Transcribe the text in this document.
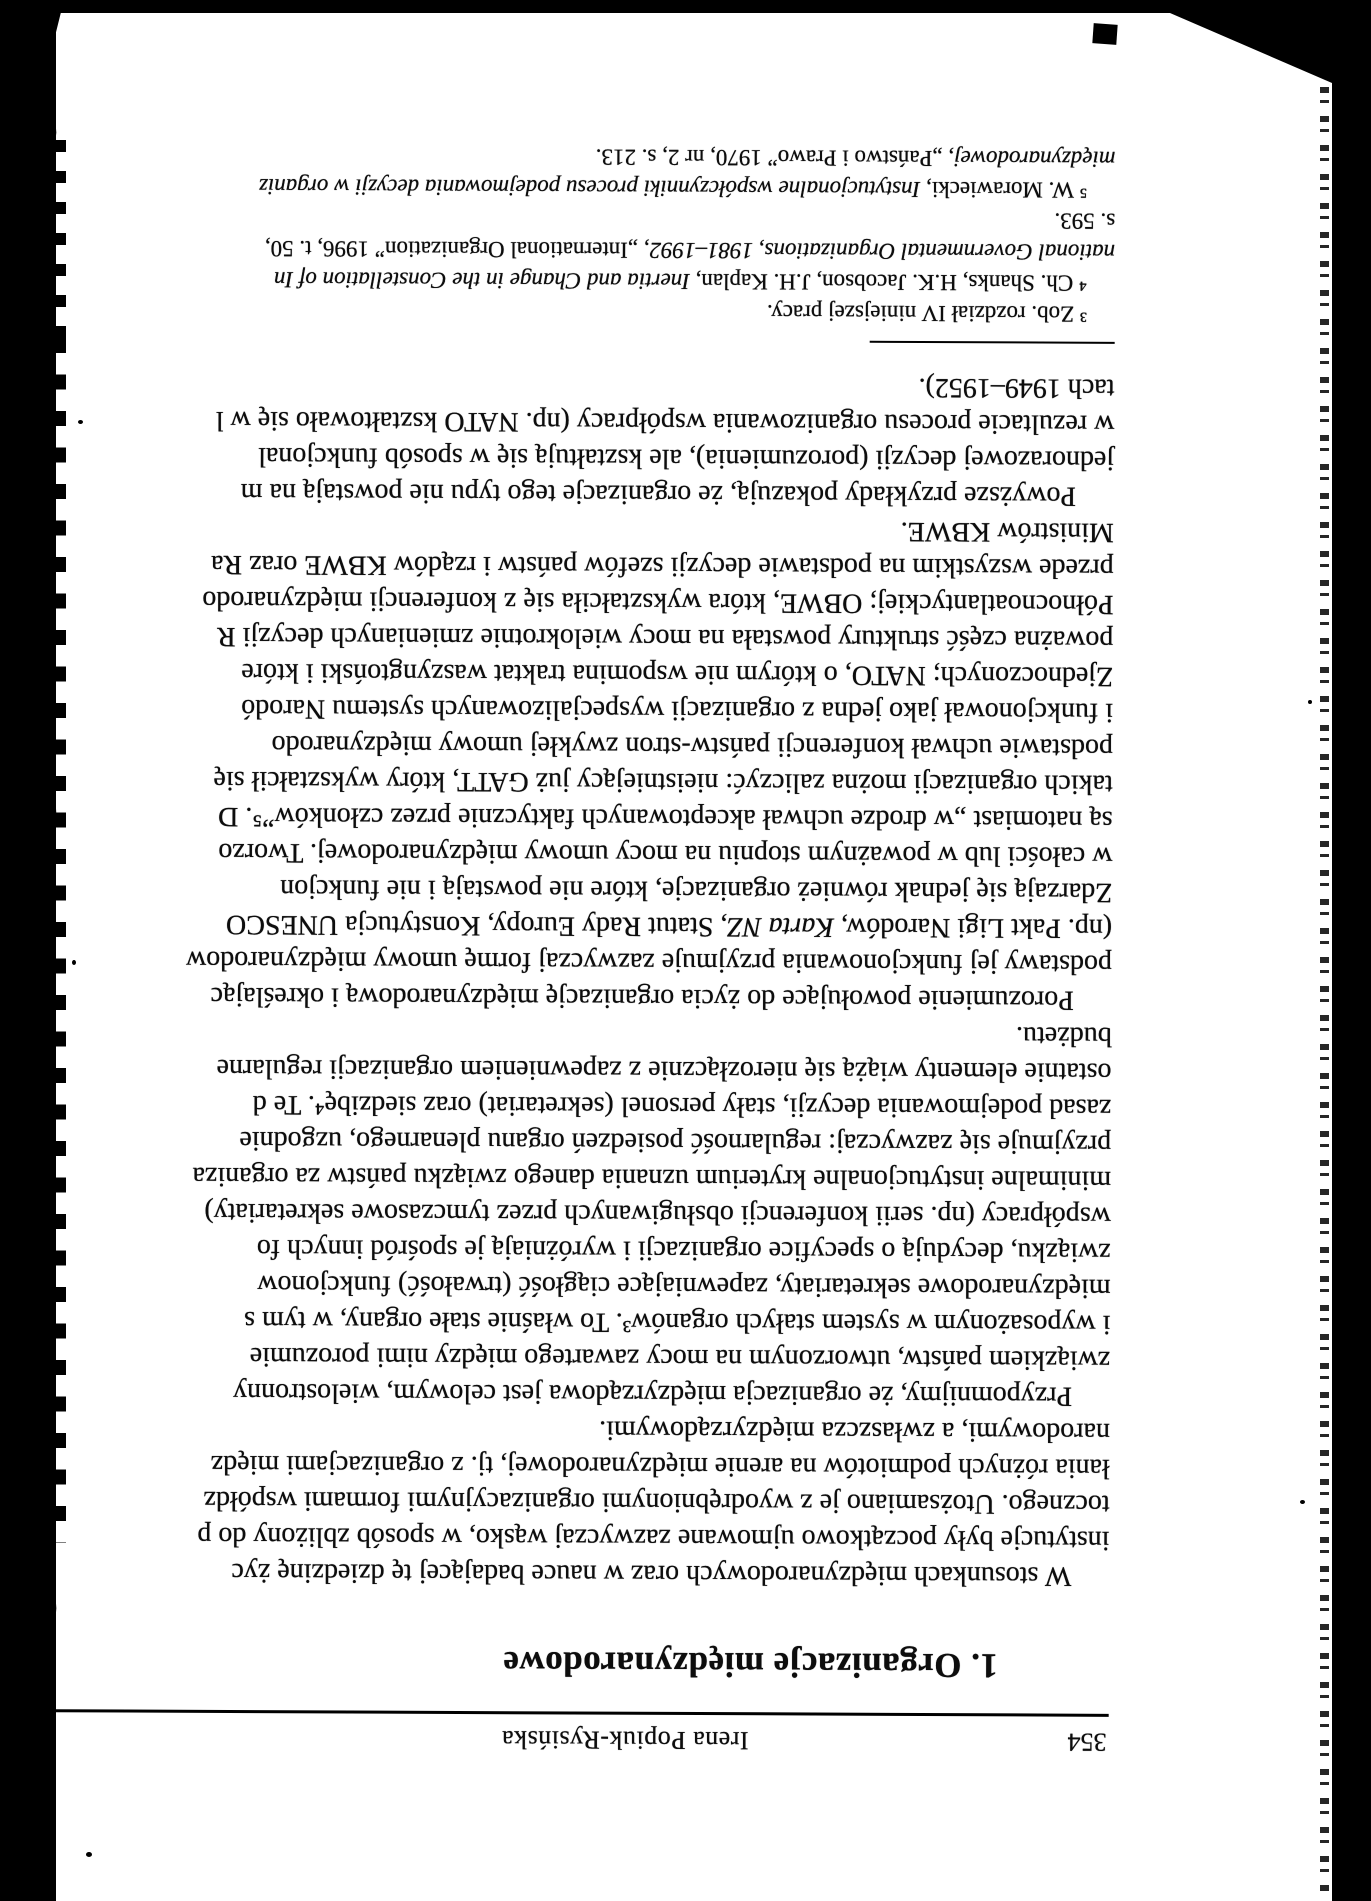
354
Irena Popiuk-Rysińska
1. Organizacje międzynarodowe
W stosunkach międzynarodowych oraz w nauce badającej tę dziedzinę życ
instytucje były początkowo ujmowane zazwyczaj wąsko, w sposób zbliżony do p
tocznego. Utożsamiano je z wyodrębnionymi organizacyjnymi formami współdz
łania różnych podmiotów na arenie międzynarodowej, tj. z organizacjami międz
narodowymi, a zwłaszcza międzyrządowymi.
Przypomnijmy, że organizacja międzyrządowa jest celowym, wielostronny
związkiem państw, utworzonym na mocy zawartego między nimi porozumie
i wyposażonym w system stałych organów³. To właśnie stałe organy, w tym s
międzynarodowe sekretariaty, zapewniające ciągłość (trwałość) funkcjonow
związku, decydują o specyfice organizacji i wyróżniają je spośród innych fo
współpracy (np. serii konferencji obsługiwanych przez tymczasowe sekretariaty)
minimalne instytucjonalne kryterium uznania danego związku państw za organiza
przyjmuje się zazwyczaj: regularność posiedzeń organu plenarnego, uzgodnie
zasad podejmowania decyzji, stały personel (sekretariat) oraz siedzibę⁴. Te d
ostatnie elementy wiążą się nierozłącznie z zapewnieniem organizacji regularne
budżetu.
Porozumienie powołujące do życia organizację międzynarodową i określając
podstawy jej funkcjonowania przyjmuje zazwyczaj formę umowy międzynarodow
(np. Pakt Ligi Narodów, Karta NZ, Statut Rady Europy, Konstytucja UNESCO
Zdarzają się jednak również organizacje, które nie powstają i nie funkcjon
w całości lub w poważnym stopniu na mocy umowy międzynarodowej. Tworzo
są natomiast „w drodze uchwał akceptowanych faktycznie przez członków”⁵. D
takich organizacji można zaliczyć: nieistniejący już GATT, który wykształcił się
podstawie uchwał konferencji państw-stron zwykłej umowy międzynarodo
i funkcjonował jako jedna z organizacji wyspecjalizowanych systemu Narodó
Zjednoczonych; NATO, o którym nie wspomina traktat waszyngtoński i które
poważna część struktury powstała na mocy wielokrotnie zmienianych decyzji R
Północnoatlantyckiej; OBWE, która wykształciła się z konferencji międzynarodo
przede wszystkim na podstawie decyzji szefów państw i rządów KBWE oraz Ra
Ministrów KBWE.
Powyższe przykłady pokazują, że organizacje tego typu nie powstają na m
jednorazowej decyzji (porozumienia), ale kształtują się w sposób funkcjonal
w rezultacie procesu organizowania współpracy (np. NATO kształtowało się w l
tach 1949–1952).
³ Zob. rozdział IV niniejszej pracy.
⁴ Ch. Shanks, H.K. Jacobson, J.H. Kaplan, Inertia and Change in the Constellation of In
national Governmental Organizations, 1981–1992, „International Organization” 1996, t. 50,
s. 593.
⁵ W. Morawiecki, Instytucjonalne współczynniki procesu podejmowania decyzji w organiz
międzynarodowej, „Państwo i Prawo” 1970, nr 2, s. 213.
